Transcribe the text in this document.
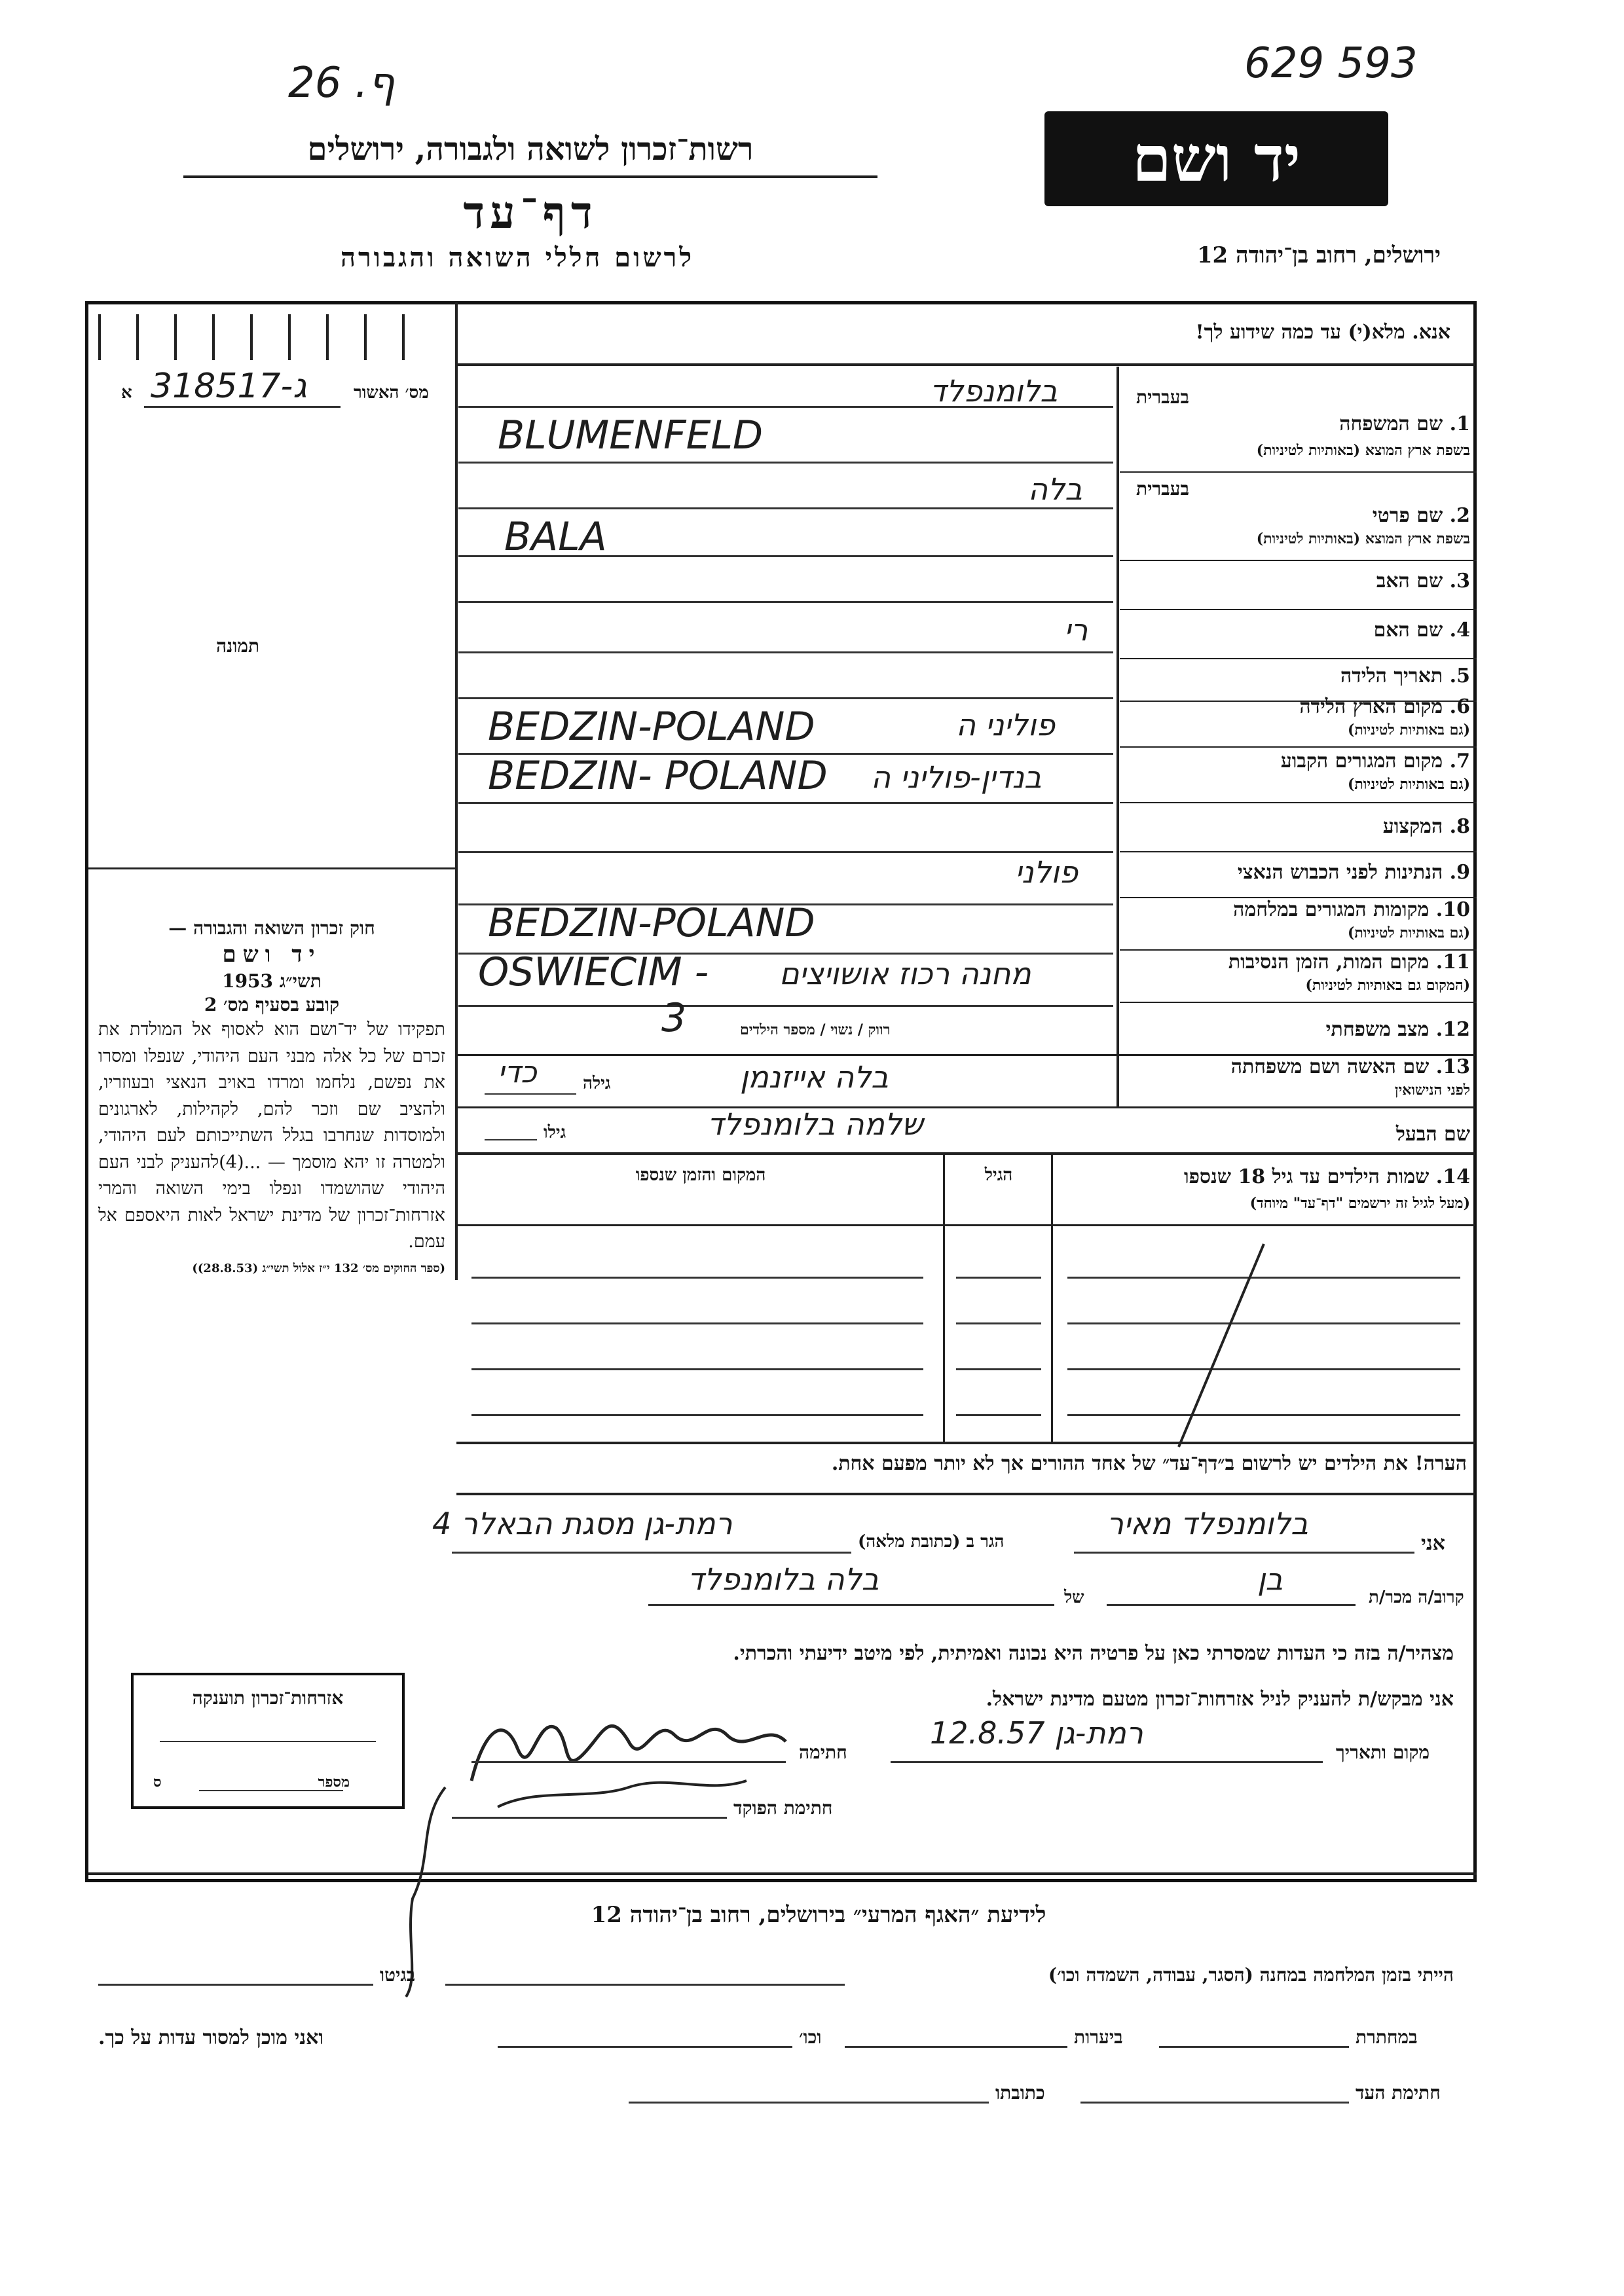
ף. 26	629 593
רשות־זכרון לשואה ולגבורה, ירושלים
דף־עד
לרשום חללי השואה והגבורה
יד ושם
ירושלים, רחוב בן־יהודה 12
מס׳ האשור
א 318517-ג
תמונה
אנא. מלא(י) עד כמה שידוע לך!
1. שם המשפחה
בשפת ארץ המוצא (באותיות לטיניות)
בעברית
2. שם פרטי
בשפת ארץ המוצא (באותיות לטיניות)
בעברית
3. שם האב
4. שם האם
5. תאריך הלידה
6. מקום הארץ הלידה
(גם באותיות לטיניות)
7. מקום המגורים הקבוע
(גם באותיות לטיניות)
8. המקצוע
9. הנתינות לפני הכבוש הנאצי
10. מקומות המגורים במלחמה
(גם באותיות לטיניות)
11. מקום המות, הזמן הנסיבות
(המקום גם באותיות לטיניות)
12. מצב משפחתי
13. שם האשה ושם משפחתה
לפני הנישואין
שם הבעל
בלומנפלד
BLUMENFELD
בלה
BALA
רי
BEDZIN-POLAND	פוליני ה
BEDZIN- POLAND בנדין-פוליני ה
פולני
BEDZIN-POLAND
OSWIECIM - מחנה רכוז אושויצים
רווק / נשוי / מספר הילדים
3
בלה אייזנמן
גילה
כדי
שלמה בלומנפלד
גילו
14. שמות הילדים עד גיל 18 שנספו
(מעל לגיל זה ירשמים "דף־עד" מיוחד)
הגיל
המקום והזמן שנספו
הערה! את הילדים יש לרשום ב״דף־עד״ של אחד ההורים אך לא יותר מפעם אחת.

חוק זכרון השואה והגבורה —

יד ושם

תשי״ג 1953

קובע בסעיף מס׳ 2

תפקידו של יד־ושם הוא לאסוף אל המולדת את זכרם של כל אלה מבני העם היהודי, שנפלו ומסרו את נפשם, נלחמו ומרדו באויב הנאצי ובעוזריו, ולהציב שם וזכר להם, לקהילות, לארגונים ולמוסדות שנחרבו בגלל השתייכותם לעם היהודי, ולמטרה זו יהא מוסמך — ...(4)להעניק לבני העם היהודי שהושמדו ונפלו בימי השואה והמרי אזרחות־זכרון של מדינת ישראל לאות היאספם אל עמם.

(ספר החוקים מס׳ 132 י״ז אלול תשי״ג (28.8.53))

אזרחות־זכרון תוענקה
מספר
ס
אני
בלומנפלד מאיר
הגר ב (כתובת מלאה)
רמת-גן מסגת הבאלר 4
קרוב/ה מכר/ת
בן
של
בלה בלומנפלד
מצהיר/ה בזה כי העדות שמסרתי כאן על פרטיה היא נכונה ואמיתית, לפי מיטב ידיעתי והכרתי.
אני מבקש/ת להעניק לניל אזרחות־זכרון מטעם מדינת ישראל.
מקום ותאריך
רמת-גן 12.8.57
חתימה
חתימת הפוקד
לידיעת ״האגף המרעי״ בירושלים, רחוב בן־יהודה 12
הייתי בזמן המלחמה במחנה (הסגר, עבודה, השמדה וכו׳)
בגיטו
במחתרת
ביערות
וכו׳
ואני מוכן למסור עדות על כך.
חתימת העד
כתובתו
